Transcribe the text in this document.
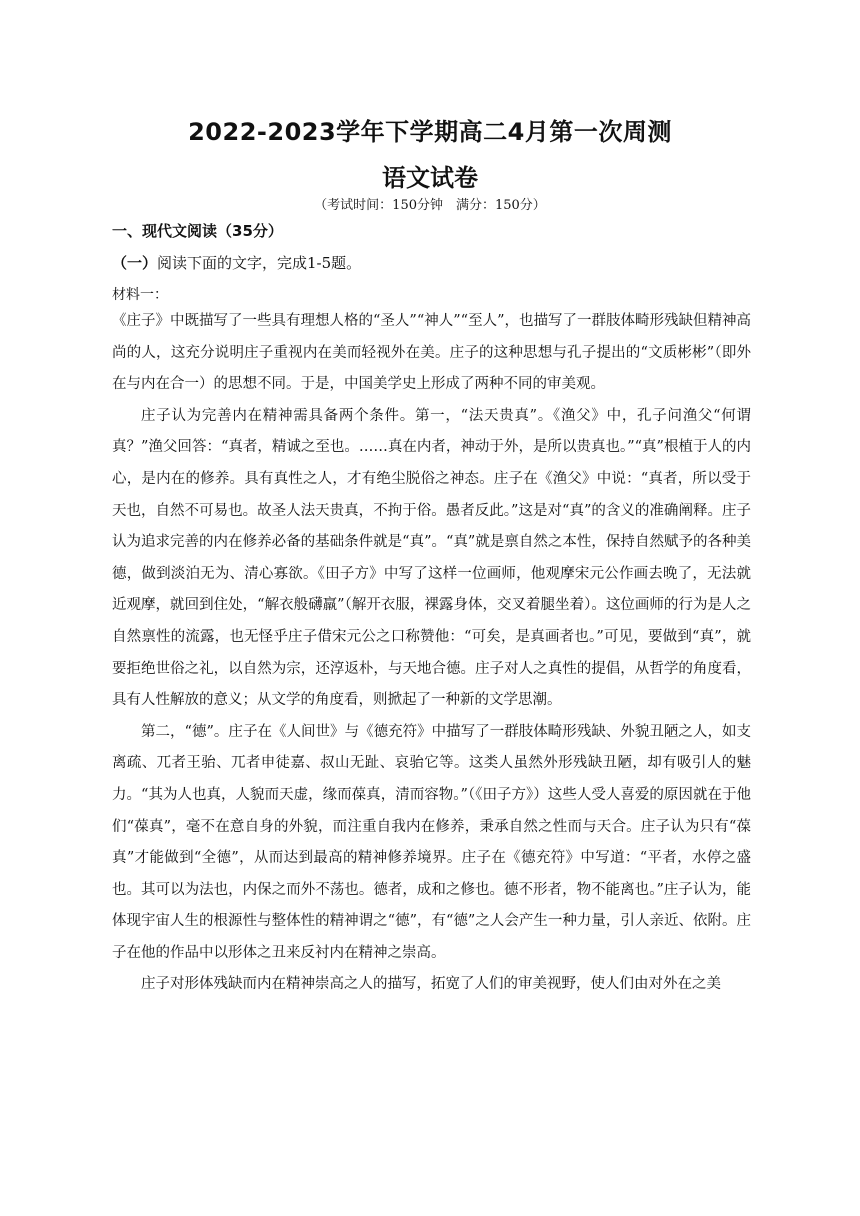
2022-2023学年下学期高二4月第一次周测
语文试卷
（考试时间：150分钟　满分：150分）
一、现代文阅读（35分）
（一）阅读下面的文字，完成1-5题。
材料一：

《庄子》中既描写了一些具有理想人格的“圣人”“神人”“至人”，也描写了一群肢体畸形残缺但精神高尚的人，这充分说明庄子重视内在美而轻视外在美。庄子的这种思想与孔子提出的“文质彬彬”（即外在与内在合一）的思想不同。于是，中国美学史上形成了两种不同的审美观。

庄子认为完善内在精神需具备两个条件。第一，“法天贵真”。《渔父》中，孔子问渔父“何谓真？”渔父回答：“真者，精诚之至也。……真在内者，神动于外，是所以贵真也。”“真”根植于人的内心，是内在的修养。具有真性之人，才有绝尘脱俗之神态。庄子在《渔父》中说：“真者，所以受于天也，自然不可易也。故圣人法天贵真，不拘于俗。愚者反此。”这是对“真”的含义的准确阐释。庄子认为追求完善的内在修养必备的基础条件就是“真”。“真”就是禀自然之本性，保持自然赋予的各种美德，做到淡泊无为、清心寡欲。《田子方》中写了这样一位画师，他观摩宋元公作画去晚了，无法就近观摩，就回到住处，“解衣般礴羸”（解开衣服，裸露身体，交叉着腿坐着）。这位画师的行为是人之自然禀性的流露，也无怪乎庄子借宋元公之口称赞他：“可矣，是真画者也。”可见，要做到“真”，就要拒绝世俗之礼，以自然为宗，还淳返朴，与天地合德。庄子对人之真性的提倡，从哲学的角度看，具有人性解放的意义；从文学的角度看，则掀起了一种新的文学思潮。

第二，“德”。庄子在《人间世》与《德充符》中描写了一群肢体畸形残缺、外貌丑陋之人，如支离疏、兀者王骀、兀者申徒嘉、叔山无趾、哀骀它等。这类人虽然外形残缺丑陋，却有吸引人的魅力。“其为人也真，人貌而天虚，缘而葆真，清而容物。”（《田子方》）这些人受人喜爱的原因就在于他们“葆真”，毫不在意自身的外貌，而注重自我内在修养，秉承自然之性而与天合。庄子认为只有“葆真”才能做到“全德”，从而达到最高的精神修养境界。庄子在《德充符》中写道：“平者，水停之盛也。其可以为法也，内保之而外不荡也。德者，成和之修也。德不形者，物不能离也。”庄子认为，能体现宇宙人生的根源性与整体性的精神谓之“德”，有“德”之人会产生一种力量，引人亲近、依附。庄子在他的作品中以形体之丑来反衬内在精神之崇高。

庄子对形体残缺而内在精神崇高之人的描写，拓宽了人们的审美视野，使人们由对外在之美
